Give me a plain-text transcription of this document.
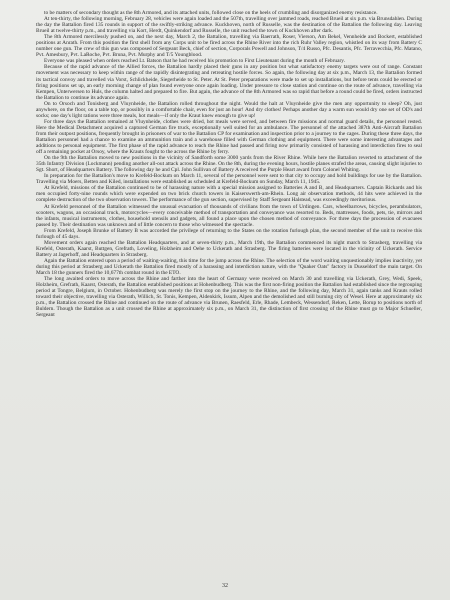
to be matters of secondary thought as the 8th Armored, and its attached units, followed close on the heels of crumbling and disorganized enemy resistance.

At ten-thirty, the following morning, February 28, vehicles were again loaded and the 507th, travelling over jammed roads, reached Brueil at six p.m. via Brunsdahlen. During the day the Battalion fired 135 rounds in support of the swiftly-striking advance. Kuckhoven, north of Russelle, was the destination of the Battalion the following day. Leaving Brueil at twelve-thirty p.m., and travelling via Kort, Herdt, Quinkendorf and Russelle, the unit reached the town of Kuckhoven after dark.

The 8th Armored mercilessly pushed on, and the next day, March 2, the Battalion, travelling via Baerrath, Roser, Vierson, Am Bekel, Vennheide and Bockert, established positions at Anrath. From this position the first shell from any Corps unit to be fired across the Rhine River into the rich Ruhr Valley region, whistled on its way from Battery C number one gun. The crew of this gun was composed of Sergeant Beck, chief of section, Corporals Powell and Johnson, T/4 Russo, Pfc. Desantis, Pfc. Terravecchia, Pfc. Matano, Pvt. Amesbury, Pvt. LaRoche, Pvt. Bruna, Pvt. Murphy and T/5 Youngblood.

Everyone was pleased when orders reached Lt. Batson that he had received his promotion to First Lieutenant during the month of February.

Because of the rapid advance of the Allied forces, the Battalion hardly placed their guns in any position but what satisfactory enemy targets were out of range. Constant movement was necessary to keep within range of the rapidly disintegrating and retreating hostile forces. So again, the following day at six p.m., March 13, the Battalion formed its tactical convoy and travelled via Vorst, Schlickheide, Siegerheide to St. Peter. At St. Peter preparations were made to set up installations, but before tents could be erected or firing positions set up, an early morning change of plan found everyone once again loading. Under pressure to close station and continue on the route of advance, travelling via Kempen, Unterwersen to Huls, the column halted and prepared to fire. But again, the advance of the 8th Armored was so rapid that before a round could be fired, orders instructed the Battalion to continue its advance again.

On to Orsoch and Tonisberg and Vluynheide, the Battalion rolled throughout the night. Would the halt at Vluynheide give the men any opportunity to sleep? Oh, just anywhere, on the floor, on a table top, or possibly in a comfortable chair, even for just an hour! And dry clothes! Perhaps another day a warm sun would dry one set of OD's and socks; one day's light rations were three meals, hot meals—if only the Kraut knew enough to give up!

For three days the Battalion remained at Vluynheide, clothes were dried, hot meals were served, and between fire missions and normal guard details, the personnel rested. Here the Medical Detachment acquired a captured German fire truck, exceptionally well suited for an ambulance. The personnel of the attached 387th Anti-Aircraft Battalion from their outpost positions, frequently brought in prisoners of war to the Battalion CP for examination and inspection prior to a journey to the cages. During these three days, the Battalion personnel had a chance to examine an ammunition train and a warehouse filled with German clothing and equipment. There were some interesting advantages and additions to personal equipment. The first phase of the rapid advance to reach the Rhine had passed and firing now primarily consisted of harassing and interdiction fires to seal off a remaining pocket at Orsoy, where the Krauts fought to the across the Rhine by ferry.

On the 9th the Battalion moved to new positions in the vicinity of Sandforth some 3000 yards from the River Rhine. While here the Battalion reverted to attachment of the 35th Infantry Division (Lockmann) pending another all-out attack across the Rhine. On the 8th, during the evening hours, hostile planes strafed the areas, causing slight injuries to Sgt. Short, of Headquarters Battery. The following day he and Cpl. John Sullivan of Battery A received the Purple Heart award from Colonel Whiting.

In preparation for the Battalion's move to Krefeld-Bockum on March 11, several of the personnel were sent to that city to occupy and hold buildings for use by the Battalion. Travelling via Moers, Betten and Kiled, installations were established as scheduled at Krefeld-Bockum on Sunday, March 11, 1945.

At Krefeld, missions of the Battalion continued to be of harassing nature with a special mission assigned to Batteries A and B, and Headquarters. Captain Rickards and his men occupied forty-nine rounds which were expended on two brick church towers in Kaiserswerth-am-Rhein. Long air observation methods, 44 hits were achieved in the complete destruction of the two observation towers. The performance of the gun section, supervised by Staff Sergeant Halstead, was exceedingly meritorious.

At Krefeld personnel of the Battalion witnessed the unusual evacuation of thousands of civilians from the town of Urdingen. Cars, wheelbarrows, bicycles, perambulators, scooters, wagons, an occasional truck, motorcycles—every conceivable method of transportation and conveyance was resorted to. Beds, mattresses, foods, pets, tie, mirrors and the infants, musical instruments, clothes, household utensils and gadgets, all found a place upon the chosen method of conveyance. For three days the procession of evacuees passed by. Their destination was unknown and of little concern to those who witnessed the spectacle.

From Krefeld, Joseph Brunke of Battery B was accorded the privilege of returning to the States on the rotation furlough plan, the second member of the unit to receive this furlough of 45 days.

Movement orders again reached the Battalion Headquarters, and at seven-thirty p.m., March 19th, the Battalion commenced its night march to Strasberg, travelling via Krefeld, Osterath, Kaarst, Buttgen, Grefrath, Loveling, Holzheim and Oehe to Uckerath and Strasberg. The firing batteries were located in the vicinity of Uckerath. Service Battery at Jagerhoff, and Headquarters in Strasberg.

Again the Battalion entered upon a period of waiting-waiting, this time for the jump across the Rhine. The selection of the word waiting unquestionably implies inactivity, yet during this period at Strasberg and Uckerath the Battalion fired mostly of a harassing and interdiction nature, with the "Quaker Oats" factory in Dusseldorf the main target. On March 18 the gunners fired the 10,677th combat round in the ETO.

The long awaited orders to move across the Rhine and farther into the heart of Germany were received on March 30 and travelling via Uckerath, Grey, Wedi, Speek, Holzheim, Grefrath, Kaarst, Osterath, the Battalion established positions at Hohenbudberg. This was the first non-firing position the Battalion had established since the regrouping period at Tongre, Belgium, in October. Hohenbudberg was merely the first stop on the journey to the Rhine, and the following day, March 31, again tanks and Krauts rolled toward their objective, travelling via Osterath, Willich, St. Tonis, Kempen, Aldenkirk, Issum, Alpen and the demolished and still burning city of Wesel. Here at approximately six p.m., the Battalion crossed the Rhine and continued on the route of advance via Brunen, Raesfeld, Erle, Rhade, Lembeck, Wessendorf, Reken, Lette, Borup to positions north of Buldern. Though the Battalion as a unit crossed the Rhine at approximately six p.m., on March 31, the distinction of first crossing of the Rhine must go to Major Schueller, Sergeant

32
